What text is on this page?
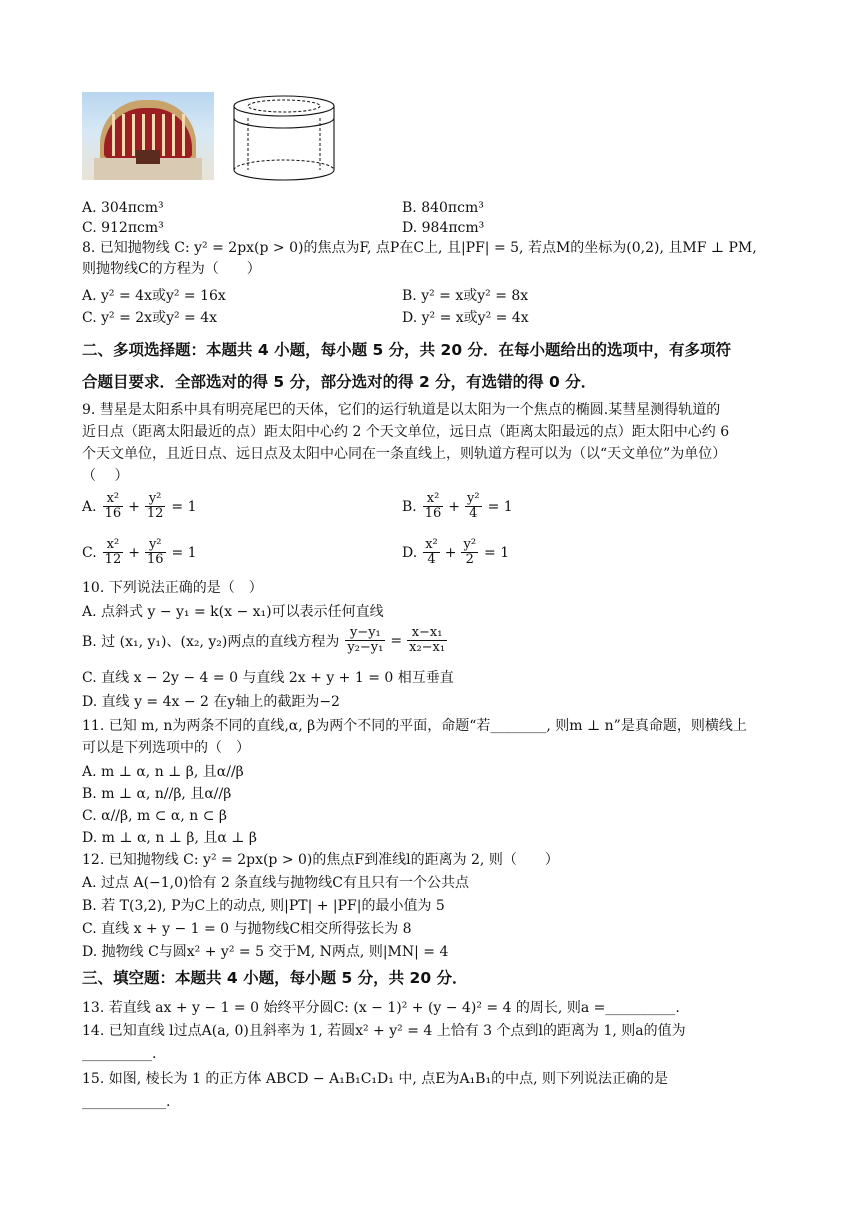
A. 304πcm³	B. 840πcm³
C. 912πcm³	D. 984πcm³
8. 已知抛物线 C: y² = 2px(p > 0)的焦点为F, 点P在C上, 且|PF| = 5, 若点M的坐标为(0,2), 且MF ⊥ PM,
则抛物线C的方程为（　　）
A. y² = 4x或y² = 16x	B. y² = x或y² = 8x
C. y² = 2x或y² = 4x	D. y² = x或y² = 4x
二、多项选择题：本题共 4 小题，每小题 5 分，共 20 分．在每小题给出的选项中，有多项符
合题目要求．全部选对的得 5 分，部分选对的得 2 分，有选错的得 0 分．
9. 彗星是太阳系中具有明亮尾巴的天体，它们的运行轨道是以太阳为一个焦点的椭圆.某彗星测得轨道的
近日点（距离太阳最近的点）距太阳中心约 2 个天文单位，远日点（距离太阳最远的点）距太阳中心约 6
个天文单位，且近日点、远日点及太阳中心同在一条直线上，则轨道方程可以为（以“天文单位”为单位）
（　 ）
A. $\frac{\text{x²}}{16} + \frac{\text{y²}}{12} = 1$	B. $\frac{\text{x²}}{16} + \frac{\text{y²}}{4} = 1$
C. $\frac{\text{x²}}{12} + \frac{\text{y²}}{16} = 1$	D. $\frac{\text{x²}}{4} + \frac{\text{y²}}{2} = 1$
10. 下列说法正确的是（　）
A. 点斜式 y − y₁ = k(x − x₁)可以表示任何直线
B. 过 (x₁, y₁)、(x₂, y₂)两点的直线方程为 $\frac{\text{y−y₁}}{\text{y₂−y₁}} = \frac{\text{x−x₁}}{\text{x₂−x₁}}$
C. 直线 x − 2y − 4 = 0 与直线 2x + y + 1 = 0 相互垂直
D. 直线 y = 4x − 2 在y轴上的截距为−2
11. 已知 m, n为两条不同的直线,α, β为两个不同的平面，命题“若________, 则m ⊥ n”是真命题，则横线上
可以是下列选项中的（　）
A. m ⊥ α, n ⊥ β, 且α//β
B. m ⊥ α, n//β, 且α//β
C. α//β, m ⊂ α, n ⊂ β
D. m ⊥ α, n ⊥ β, 且α ⊥ β
12. 已知抛物线 C: y² = 2px(p > 0)的焦点F到准线l的距离为 2, 则（　　）
A. 过点 A(−1,0)恰有 2 条直线与抛物线C有且只有一个公共点
B. 若 T(3,2), P为C上的动点, 则|PT| + |PF|的最小值为 5
C. 直线 x + y − 1 = 0 与抛物线C相交所得弦长为 8
D. 抛物线 C与圆x² + y² = 5 交于M, N两点, 则|MN| = 4
三、填空题：本题共 4 小题，每小题 5 分，共 20 分．
13. 若直线 ax + y − 1 = 0 始终平分圆C: (x − 1)² + (y − 4)² = 4 的周长, 则a =__________.
14. 已知直线 l过点A(a, 0)且斜率为 1, 若圆x² + y² = 4 上恰有 3 个点到l的距离为 1, 则a的值为
__________.
15. 如图, 棱长为 1 的正方体 ABCD − A₁B₁C₁D₁ 中, 点E为A₁B₁的中点, 则下列说法正确的是
____________.
